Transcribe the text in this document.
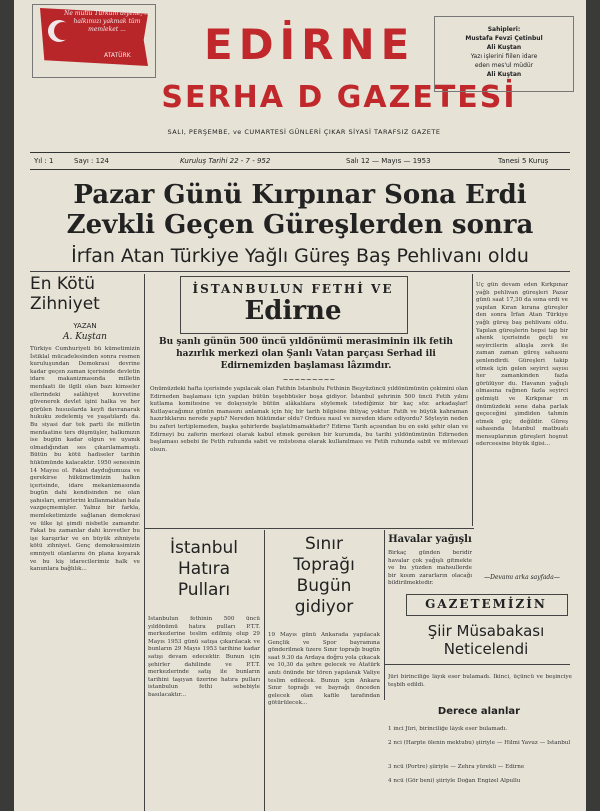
Ne mutlu Türküm diyene, ... halkımızı yakmak tüm memleket ...
ATATÜRK EDİRNE
SERHA D GAZETESİ
Sahipleri:
Mustafa Fevzi Çetinbul
Ali Kuştan
Yazı işlerini fiilen idare
eden mes'ul müdür
Ali Kuştan
SALI, PERŞEMBE, ve CUMARTESİ GÜNLERİ ÇIKAR SİYASİ TARAFSIZ GAZETE
Yıl : 1	Sayı : 124	Kuruluş Tarihi 22 - 7 - 952	Salı 12 — Mayıs — 1953	Tanesi 5 Kuruş
Pazar Günü Kırpınar Sona Erdi
Zevkli Geçen Güreşlerden sonra
İrfan Atan Türkiye Yağlı Güreş Baş Pehlivanı oldu
En Kötü
Zihniyet
YAZAN
A. Kuştan
Türkiye Cumhuriyeti bü kümetimizin İstiklal mücadelesinden sonra resmen kuruluşundan Demokrasi devrine kadar geçen zaman içerisinde devletin idare makanizmasında milletin menfaati ile ilgili olan bazı kimseler ellerindeki salâhiyet kuvvetine güvenerek devlet işini halka ve her görülen hususlarda keyfi davranarak hukuku zedelemiş ve yaşatılardı da. Bu siyasi dar tek parti ile milletin menfaatine ters düşmüşler, halkımızın ise bugün kadar olgun ve uyanık olmadığından ses çıkarılamamıştı. Bütün bu kötü hadiseler tarihin hükümünde kalacaktır. 1950 senesinin 14 Mayısı ol. Fakat dayduğumuza ve gerekirse hükümetimizin halkın içerisinde, idare mekanizmasında bugün dahi kendisinden ne olan şahısları, emirlerini kullanmaktan hala vazgeçmemişler. Yalnız bir farkla, memleketimizde sağlanan demokrasi ve ülke işi şimdi nisbetle zamandır. Fakat bu zamanlar dahi kuvvetler bu işe karışırlar ve en büyük zihniyete kötü zihniyet. Genç demokrasimizin emniyeti olanlarını ön plana koyarak ve bu kiş idarecilerimiz halk ve kanunlara bağlılık...
İSTANBULUN FETHİ VE
Edirne
Bu şanlı günün 500 üncü yıldönümü merasiminin ilk fetih hazırlık merkezi olan Şanlı Vatan parçası Serhad ili Edirnemizden başlaması lâzımdır.
~~~~~~~~~
Önümüzdeki hafta içerisinde yapılacak olan Fatihin İstanbulu Fethinin Beşyüzüncü yıldönümünün çekimini olan Edirneden başlaması için yapılan bütün teşebbüsler boşa gidiyor. İstanbul şehrinin 500 üncü Fetih yılını kutlama komitesine ve dolayısiyle bütün alâkalılara söylemek istediğimiz bir kaç söz: arkadaşlar! Kutlayacağımız günün manasını anlamak için hiç bir tarih bilgisine ihtiyaç yoktur. Fatih ve büyük kahraman hazırlıklarını nerede yaptı? Nereden hükümdar oldu? Ordusu nasıl ve nereden idare ediyordu? Söyleyin neden bu zaferi tertiplemeden, başka şehirlerde başlatılmamaktadır? Edirne Tarih açısından bu en eski şehir olan ve Edirneyi bu zaferin merkezi olarak kabul etmek gereken bir kurumda, bu tarihi yıldönümünün Edirneden başlaması sebebi ile Fetih ruhunda sabit ve müstesna olarak kullanılması ve Fetih ruhunda sabit ve mütevazi olsun.
Üç gün devam eden Kırkpınar yağlı pehlivan güreşleri Pazar günü saat 17,30 da sona erdi ve yapılan Kıran kırana güreşler den sonra İrfan Atan Türkiye yağlı güreş baş pehlivanı oldu. Yapılan güreşlerin hepsi tap bir ahenk içerisinde geçti ve seyircilerin alkışla zevk ile zaman zaman güreş sahasını şenlendirdi. Güreşleri takip etmek için gelen seyirci sayısı her zamankinden fazla görülüyor du. Havanın yağışlı olmasına rağmen fazla seyirci gelmişti ve Kırkpınar ın önümüzdeki sene daha parlak geçeceğini şimdiden tahmin etmek güç değildir. Güreş sahasında İstanbul matbuatı mensuplarının güreşleri hoşnut ederceesine büyük ilgisi...
—Devamı arka sayfada—
İstanbul
Hatıra
Pulları
İstanbulun fethinin 500 üncü yıldönümü hatıra pulları P.T.T. merkezlerine teslim edilmiş olup 29 Mayıs 1953 günü satışa çıkarılacak ve bunların 29 Mayıs 1953 tarihine kadar satışı devam edecektir. Bunun için şehirler dahilinde ve P.T.T. merkezlerinde satış ile bunların tarihini taşıyan üzerine hatıra pulları istanbulun fethi sebebiyle basılacaktır...
Sınır
Toprağı
Bugün
gidiyor
19 Mayıs günü Ankarada yapılacak Gençlik ve Spor bayramına gönderilmek üzere Sınır toprağı bugün saat 9.30 da Ardaya doğru yola çıkacak ve 10,30 da şehre gelecek ve Atatürk anıtı önünde bir tören yapılarak Valiye teslim edilecek. Bunun için Ankara Sınır toprağı ve bayrağı önceden gelecek olan kafile tarafından götürülecek...
Havalar yağışlı
Birkaç günden beridir havalar çok yağışlı gitmekte ve bu yüzden mahsullerde bir kısım zararların olacağı bildirilmektedir.
GAZETEMİZİN
Şiir Müsabakası
Neticelendi
Jüri birinciliğe lâyık eser bulamadı. İkinci, üçüncü ve beşinciye teşbih edildi.
Derece alanlar
1 inci Jüri, birinciliğe lâyık eser bulamadı.
2 nci (Harpte ölenin mektubu) şiiriyle — Hilmi Yavuz — İstanbul
3 ncü (Portre) şiiriyle — Zehra yürekli — Edirne
4 ncü (Gör beni) şiiriyle Doğan Engizel Alpullu
